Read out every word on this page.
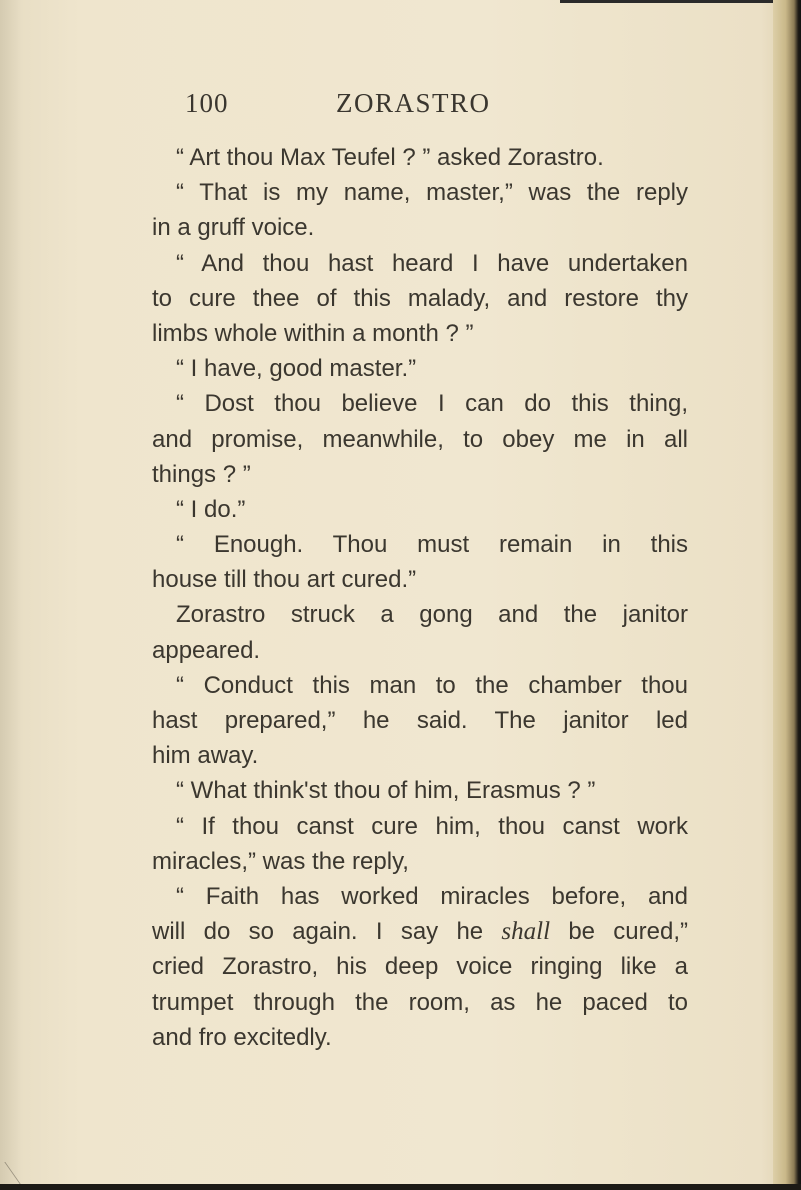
100	ZORASTRO
“ Art thou Max Teufel ? ” asked Zorastro.
“ That is my name, master,” was the reply
in a gruff voice.
“ And thou hast heard I have undertaken
to cure thee of this malady, and restore thy
limbs whole within a month ? ”
“ I have, good master.”
“ Dost thou believe I can do this thing,
and promise, meanwhile, to obey me in all
things ? ”
“ I do.”
“ Enough. Thou must remain in this
house till thou art cured.”
Zorastro struck a gong and the janitor
appeared.
“ Conduct this man to the chamber thou
hast prepared,” he said. The janitor led
him away.
“ What think'st thou of him, Erasmus ? ”
“ If thou canst cure him, thou canst work
miracles,” was the reply,
“ Faith has worked miracles before, and
will do so again. I say he shall be cured,”
cried Zorastro, his deep voice ringing like a
trumpet through the room, as he paced to
and fro excitedly.
